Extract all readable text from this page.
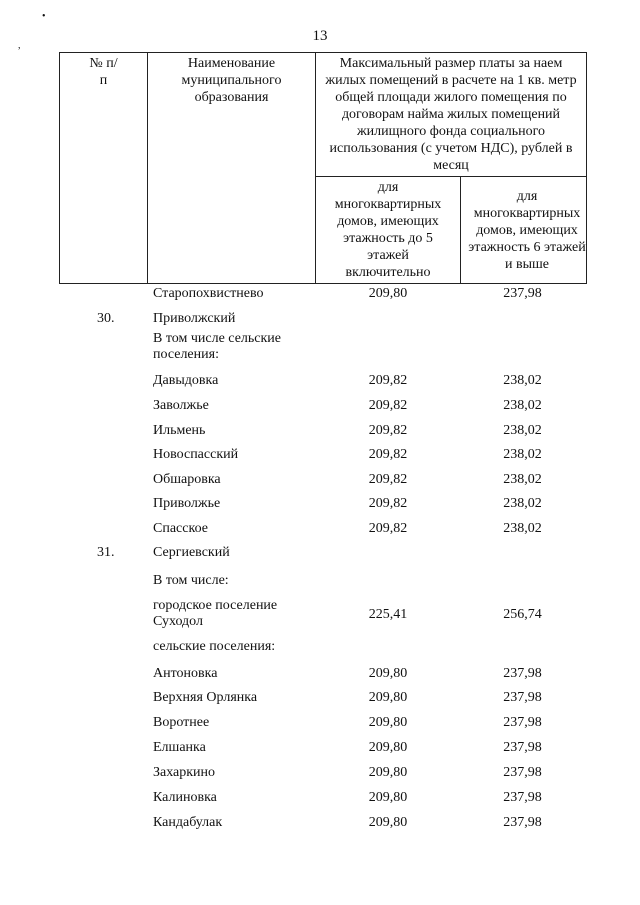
•
,
13
№ п/п	Наименование муниципального образования	Максимальный размер платы за наем жилых помещений в расчете на 1 кв. метр общей площади жилого помещения по договорам найма жилых помещений жилищного фонда социального использования (с учетом НДС), рублей в месяц	

		для многоквартирных домов, имеющих этажность до 5 этажей включительно	для многоквартирных домов, имеющих этажность 6 этажей и выше
Старопохвистнево	209,80	237,98
30.	Приволжский
В том числе сельские поселения:
Давыдовка	209,82	238,02
Заволжье	209,82	238,02
Ильмень	209,82	238,02
Новоспасский	209,82	238,02
Обшаровка	209,82	238,02
Приволжье	209,82	238,02
Спасское	209,82	238,02
31.	Сергиевский
В том числе:
городское поселение Суходол	225,41	256,74
сельские поселения:
Антоновка	209,80	237,98
Верхняя Орлянка	209,80	237,98
Воротнее	209,80	237,98
Елшанка	209,80	237,98
Захаркино	209,80	237,98
Калиновка	209,80	237,98
Кандабулак	209,80	237,98
